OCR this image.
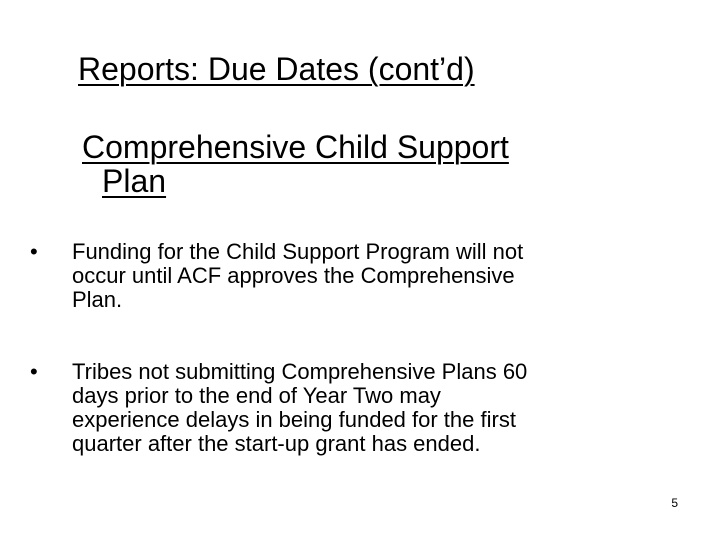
Reports: Due Dates (cont’d)
Comprehensive Child Support
Plan
• Funding for the Child Support Program will not
occur until ACF approves the Comprehensive
Plan.
• Tribes not submitting Comprehensive Plans 60
days prior to the end of Year Two may
experience delays in being funded for the first
quarter after the start-up grant has ended.
5
